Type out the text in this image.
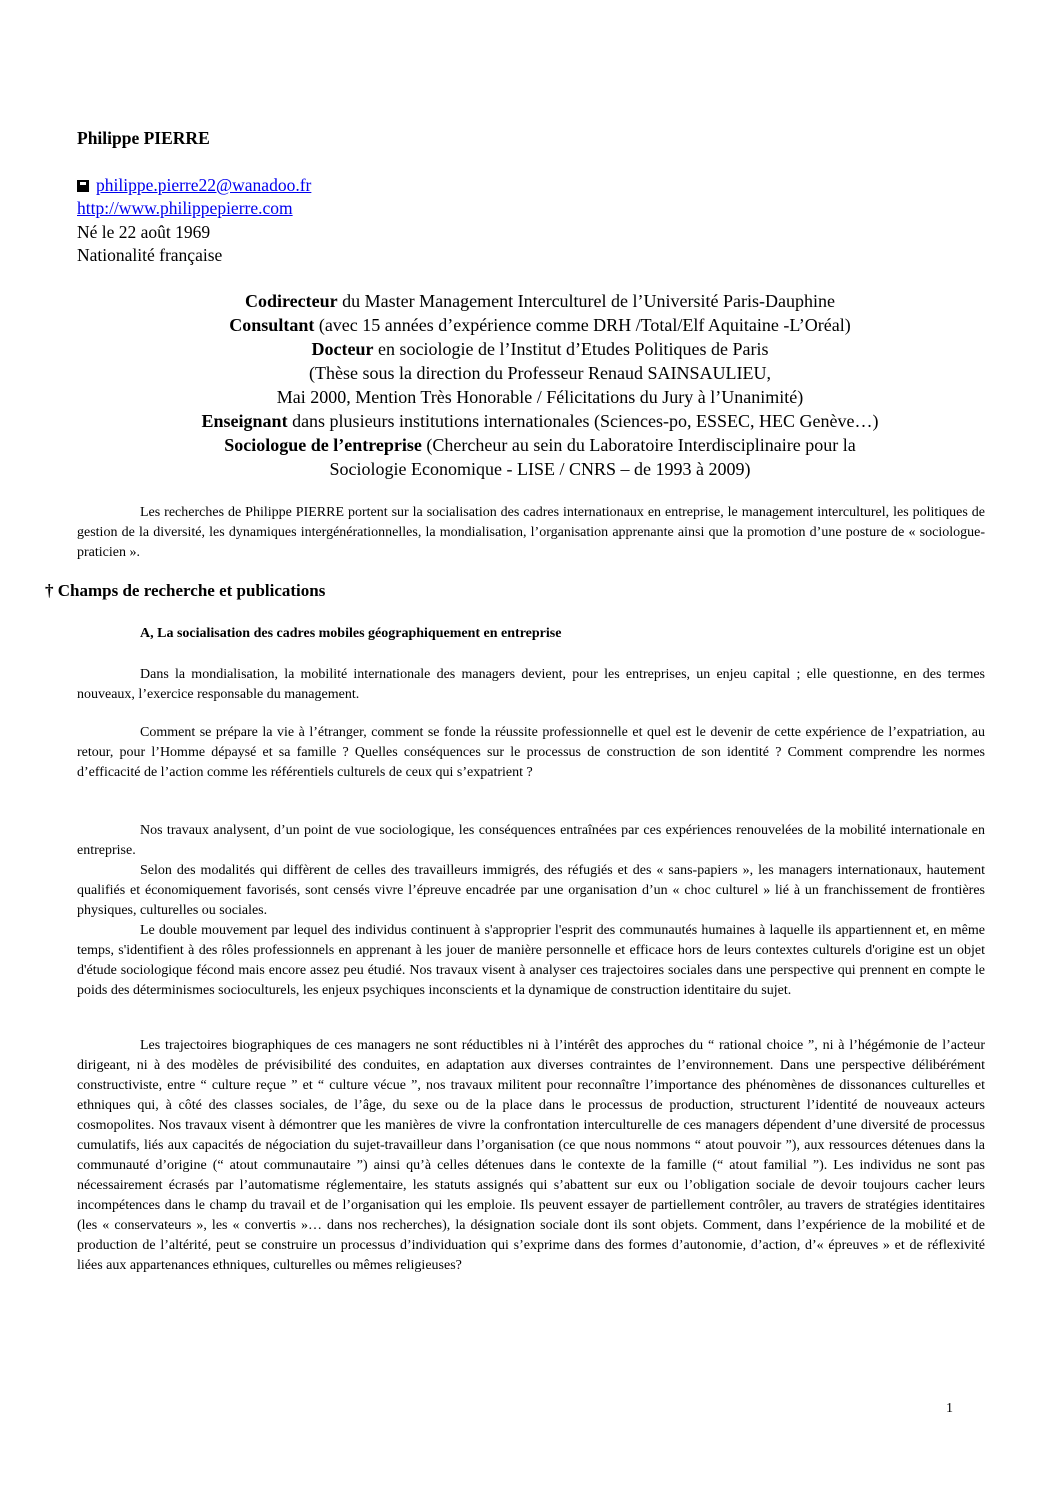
Philippe PIERRE
philippe.pierre22@wanadoo.fr
http://www.philippepierre.com
Né le 22 août 1969
Nationalité française
Codirecteur du Master Management Interculturel de l’Université Paris-Dauphine
Consultant (avec 15 années d’expérience comme DRH /Total/Elf Aquitaine -L’Oréal)
Docteur en sociologie de l’Institut d’Etudes Politiques de Paris
(Thèse sous la direction du Professeur Renaud SAINSAULIEU,
Mai 2000, Mention Très Honorable / Félicitations du Jury à l’Unanimité)
Enseignant dans plusieurs institutions internationales (Sciences-po, ESSEC, HEC Genève…)
Sociologue de l’entreprise (Chercheur au sein du Laboratoire Interdisciplinaire pour la
Sociologie Economique - LISE / CNRS – de 1993 à 2009)

Les recherches de Philippe PIERRE portent sur la socialisation des cadres internationaux en entreprise, le management interculturel, les politiques de gestion de la diversité, les dynamiques intergénérationnelles, la mondialisation, l’organisation apprenante ainsi que la promotion d’une posture de « sociologue-praticien ».

† Champs de recherche et publications
A, La socialisation des cadres mobiles géographiquement en entreprise

Dans la mondialisation, la mobilité internationale des managers devient, pour les entreprises, un enjeu capital ; elle questionne, en des termes nouveaux, l’exercice responsable du management.

Comment se prépare la vie à l’étranger, comment se fonde la réussite professionnelle et quel est le devenir de cette expérience de l’expatriation, au retour, pour l’Homme dépaysé et sa famille ? Quelles conséquences sur le processus de construction de son identité ? Comment comprendre les normes d’efficacité de l’action comme les référentiels culturels de ceux qui s’expatrient ?

Nos travaux analysent, d’un point de vue sociologique, les conséquences entraînées par ces expériences renouvelées de la mobilité internationale en entreprise.

Selon des modalités qui diffèrent de celles des travailleurs immigrés, des réfugiés et des « sans-papiers », les managers internationaux, hautement qualifiés et économiquement favorisés, sont censés vivre l’épreuve encadrée par une organisation d’un « choc culturel » lié à un franchissement de frontières physiques, culturelles ou sociales.

Le double mouvement par lequel des individus continuent à s'approprier l'esprit des communautés humaines à laquelle ils appartiennent et, en même temps, s'identifient à des rôles professionnels en apprenant à les jouer de manière personnelle et efficace hors de leurs contextes culturels d'origine est un objet d'étude sociologique fécond mais encore assez peu étudié. Nos travaux visent à analyser ces trajectoires sociales dans une perspective qui prennent en compte le poids des déterminismes socioculturels, les enjeux psychiques inconscients et la dynamique de construction identitaire du sujet.

Les trajectoires biographiques de ces managers ne sont réductibles ni à l’intérêt des approches du “ rational choice ”, ni à l’hégémonie de l’acteur dirigeant, ni à des modèles de prévisibilité des conduites, en adaptation aux diverses contraintes de l’environnement. Dans une perspective délibérément constructiviste, entre “ culture reçue ” et “ culture vécue ”, nos travaux militent pour reconnaître l’importance des phénomènes de dissonances culturelles et ethniques qui, à côté des classes sociales, de l’âge, du sexe ou de la place dans le processus de production, structurent l’identité de nouveaux acteurs cosmopolites. Nos travaux visent à démontrer que les manières de vivre la confrontation interculturelle de ces managers dépendent d’une diversité de processus cumulatifs, liés aux capacités de négociation du sujet-travailleur dans l’organisation (ce que nous nommons “ atout pouvoir ”), aux ressources détenues dans la communauté d’origine (“ atout communautaire ”) ainsi qu’à celles détenues dans le contexte de la famille (“ atout familial ”). Les individus ne sont pas nécessairement écrasés par l’automatisme réglementaire, les statuts assignés qui s’abattent sur eux ou l’obligation sociale de devoir toujours cacher leurs incompétences dans le champ du travail et de l’organisation qui les emploie. Ils peuvent essayer de partiellement contrôler, au travers de stratégies identitaires (les « conservateurs », les « convertis »… dans nos recherches), la désignation sociale dont ils sont objets. Comment, dans l’expérience de la mobilité et de production de l’altérité, peut se construire un processus d’individuation qui s’exprime dans des formes d’autonomie, d’action, d’« épreuves » et de réflexivité liées aux appartenances ethniques, culturelles ou mêmes religieuses?

1
